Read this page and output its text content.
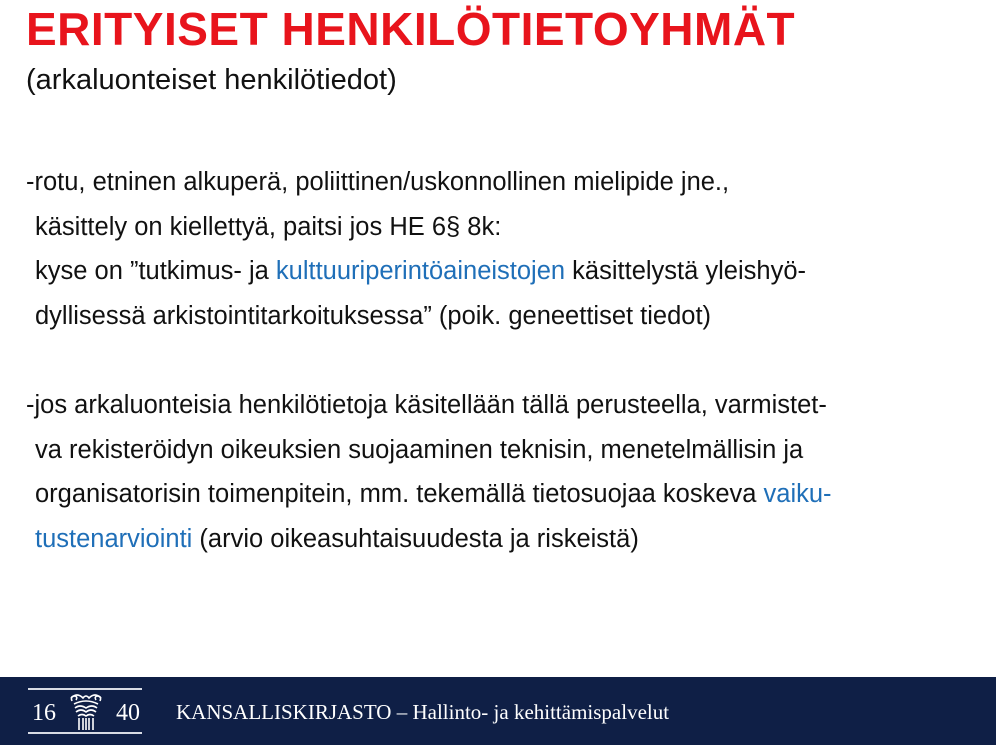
ERITYISET HENKILÖTIETOYHMÄT
(arkaluonteiset henkilötiedot)
-rotu, etninen alkuperä, poliittinen/uskonnollinen mielipide jne.,
käsittely on kiellettyä, paitsi jos HE 6§ 8k:
kyse on ”tutkimus- ja kulttuuriperintöaineistojen käsittelystä yleishyö-
dyllisessä arkistointitarkoituksessa” (poik. geneettiset tiedot)
-jos arkaluonteisia henkilötietoja käsitellään tällä perusteella, varmistet-
va rekisteröidyn oikeuksien suojaaminen teknisin, menetelmällisin ja
organisatorisin toimenpitein, mm. tekemällä tietosuojaa koskeva vaiku-
tustenarviointi (arvio oikeasuhtaisuudesta ja riskeistä)
16	40 KANSALLISKIRJASTO – Hallinto- ja kehittämispalvelut
